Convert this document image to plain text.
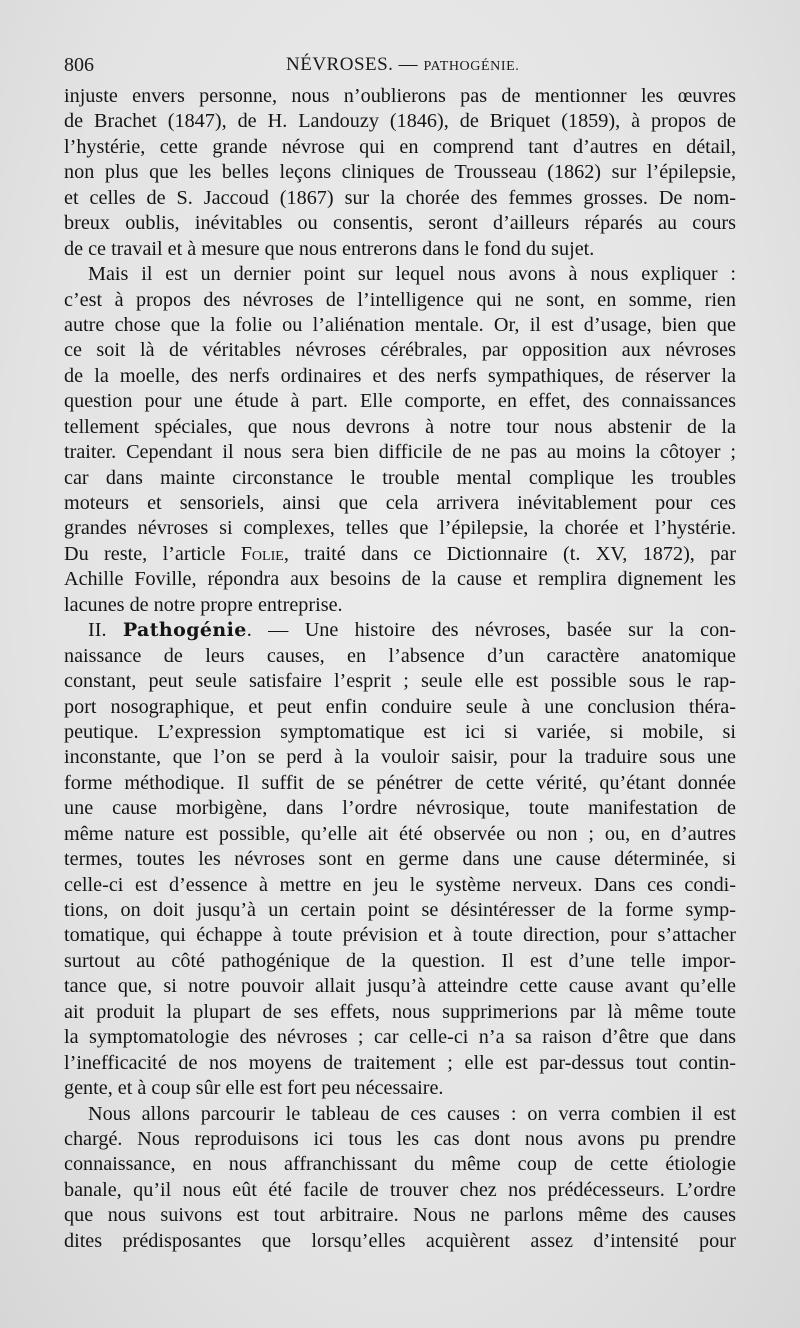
806	NÉVROSES. — PATHOGÉNIE.
injuste envers personne, nous n’oublierons pas de mentionner les œuvres
de Brachet (1847), de H. Landouzy (1846), de Briquet (1859), à propos de
l’hystérie, cette grande névrose qui en comprend tant d’autres en détail,
non plus que les belles leçons cliniques de Trousseau (1862) sur l’épilepsie,
et celles de S. Jaccoud (1867) sur la chorée des femmes grosses. De nom-
breux oublis, inévitables ou consentis, seront d’ailleurs réparés au cours
de ce travail et à mesure que nous entrerons dans le fond du sujet.
Mais il est un dernier point sur lequel nous avons à nous expliquer :
c’est à propos des névroses de l’intelligence qui ne sont, en somme, rien
autre chose que la folie ou l’aliénation mentale. Or, il est d’usage, bien que
ce soit là de véritables névroses cérébrales, par opposition aux névroses
de la moelle, des nerfs ordinaires et des nerfs sympathiques, de réserver la
question pour une étude à part. Elle comporte, en effet, des connaissances
tellement spéciales, que nous devrons à notre tour nous abstenir de la
traiter. Cependant il nous sera bien difficile de ne pas au moins la côtoyer ;
car dans mainte circonstance le trouble mental complique les troubles
moteurs et sensoriels, ainsi que cela arrivera inévitablement pour ces
grandes névroses si complexes, telles que l’épilepsie, la chorée et l’hystérie.
Du reste, l’article Folie, traité dans ce Dictionnaire (t. XV, 1872), par
Achille Foville, répondra aux besoins de la cause et remplira dignement les
lacunes de notre propre entreprise.
II. Pathogénie. — Une histoire des névroses, basée sur la con-
naissance de leurs causes, en l’absence d’un caractère anatomique
constant, peut seule satisfaire l’esprit ; seule elle est possible sous le rap-
port nosographique, et peut enfin conduire seule à une conclusion théra-
peutique. L’expression symptomatique est ici si variée, si mobile, si
inconstante, que l’on se perd à la vouloir saisir, pour la traduire sous une
forme méthodique. Il suffit de se pénétrer de cette vérité, qu’étant donnée
une cause morbigène, dans l’ordre névrosique, toute manifestation de
même nature est possible, qu’elle ait été observée ou non ; ou, en d’autres
termes, toutes les névroses sont en germe dans une cause déterminée, si
celle-ci est d’essence à mettre en jeu le système nerveux. Dans ces condi-
tions, on doit jusqu’à un certain point se désintéresser de la forme symp-
tomatique, qui échappe à toute prévision et à toute direction, pour s’attacher
surtout au côté pathogénique de la question. Il est d’une telle impor-
tance que, si notre pouvoir allait jusqu’à atteindre cette cause avant qu’elle
ait produit la plupart de ses effets, nous supprimerions par là même toute
la symptomatologie des névroses ; car celle-ci n’a sa raison d’être que dans
l’inefficacité de nos moyens de traitement ; elle est par-dessus tout contin-
gente, et à coup sûr elle est fort peu nécessaire.
Nous allons parcourir le tableau de ces causes : on verra combien il est
chargé. Nous reproduisons ici tous les cas dont nous avons pu prendre
connaissance, en nous affranchissant du même coup de cette étiologie
banale, qu’il nous eût été facile de trouver chez nos prédécesseurs. L’ordre
que nous suivons est tout arbitraire. Nous ne parlons même des causes
dites prédisposantes que lorsqu’elles acquièrent assez d’intensité pour
